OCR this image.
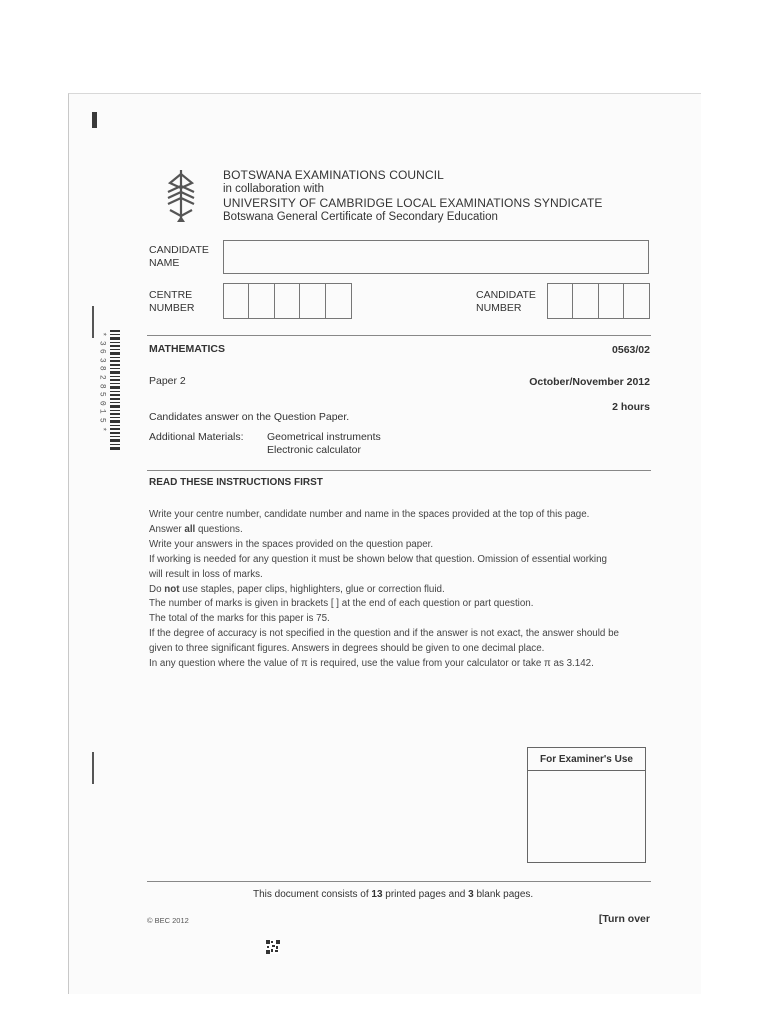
*
3
6
3
8
2
8
5
0
1
5
*
BOTSWANA EXAMINATIONS COUNCIL
in collaboration with
UNIVERSITY OF CAMBRIDGE LOCAL EXAMINATIONS SYNDICATE
Botswana General Certificate of Secondary Education
CANDIDATE
NAME
CENTRE
NUMBER
CANDIDATE
NUMBER
MATHEMATICS	0563/02
Paper 2	October/November 2012
2 hours
Candidates answer on the Question Paper.
Additional Materials: Geometrical instruments
Electronic calculator
READ THESE INSTRUCTIONS FIRST
Write your centre number, candidate number and name in the spaces provided at the top of this page.
Answer all questions.
Write your answers in the spaces provided on the question paper.
If working is needed for any question it must be shown below that question. Omission of essential working
will result in loss of marks.
Do not use staples, paper clips, highlighters, glue or correction fluid.
The number of marks is given in brackets [ ] at the end of each question or part question.
The total of the marks for this paper is 75.
If the degree of accuracy is not specified in the question and if the answer is not exact, the answer should be
given to three significant figures. Answers in degrees should be given to one decimal place.
In any question where the value of π is required, use the value from your calculator or take π as 3.142.
For Examiner's Use
This document consists of 13 printed pages and 3 blank pages.
© BEC 2012	[Turn over
